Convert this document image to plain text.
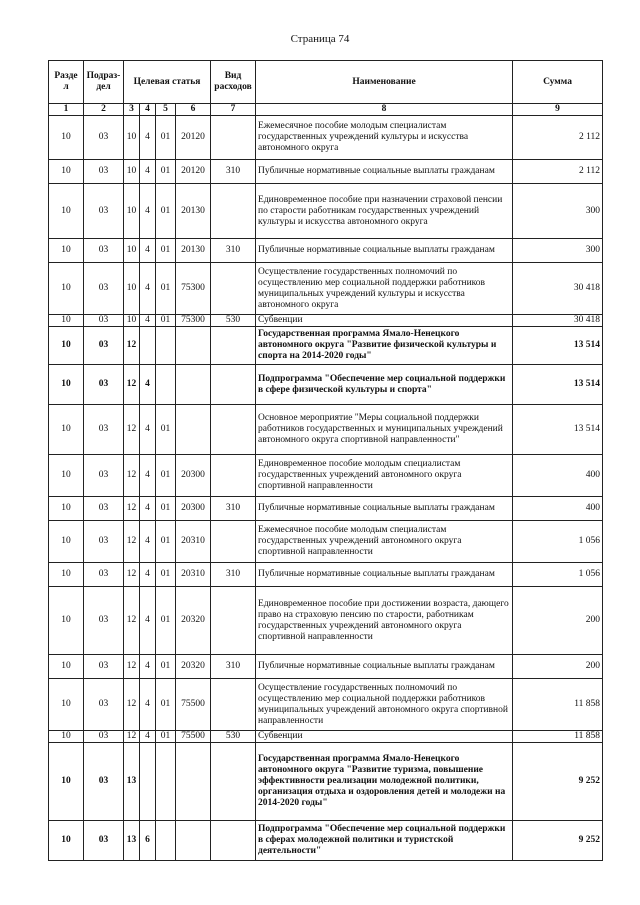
Страница 74
Разде л	Подраз- дел	Целевая статья				Вид расходов	Наименование	Сумма
1	2	3	4	5	6	7	8	9
10	03	10	4	01	20120		Ежемесячное пособие молодым специалистам государственных учреждений культуры и искусства автономного округа	2 112
10	03	10	4	01	20120	310	Публичные нормативные социальные выплаты гражданам	2 112
10	03	10	4	01	20130		Единовременное пособие при назначении страховой пенсии по старости работникам государственных учреждений культуры и искусства автономного округа	300
10	03	10	4	01	20130	310	Публичные нормативные социальные выплаты гражданам	300
10	03	10	4	01	75300		Осуществление государственных полномочий по осуществлению мер социальной поддержки работников муниципальных учреждений культуры и искусства автономного округа	30 418
10	03	10	4	01	75300	530	Субвенции	30 418
10	03	12					Государственная программа Ямало-Ненецкого автономного округа "Развитие физической культуры и спорта на 2014-2020 годы"	13 514
10	03	12	4				Подпрограмма "Обеспечение мер социальной поддержки в сфере физической культуры и спорта"	13 514
10	03	12	4	01			Основное мероприятие "Меры социальной поддержки работников государственных и муниципальных учреждений автономного округа спортивной направленности"	13 514
10	03	12	4	01	20300		Единовременное пособие молодым специалистам государственных учреждений автономного округа спортивной направленности	400
10	03	12	4	01	20300	310	Публичные нормативные социальные выплаты гражданам	400
10	03	12	4	01	20310		Ежемесячное пособие молодым специалистам государственных учреждений автономного округа спортивной направленности	1 056
10	03	12	4	01	20310	310	Публичные нормативные социальные выплаты гражданам	1 056
10	03	12	4	01	20320		Единовременное пособие при достижении возраста, дающего право на страховую пенсию по старости, работникам государственных учреждений автономного округа спортивной направленности	200
10	03	12	4	01	20320	310	Публичные нормативные социальные выплаты гражданам	200
10	03	12	4	01	75500		Осуществление государственных полномочий по осуществлению мер социальной поддержки работников муниципальных учреждений автономного округа спортивной направленности	11 858
10	03	12	4	01	75500	530	Субвенции	11 858
10	03	13					Государственная программа Ямало-Ненецкого автономного округа "Развитие туризма, повышение эффективности реализации молодежной политики, организация отдыха и оздоровления детей и молодежи на 2014-2020 годы"	9 252
10	03	13	6				Подпрограмма "Обеспечение мер социальной поддержки в сферах молодежной политики и туристской деятельности"	9 252
